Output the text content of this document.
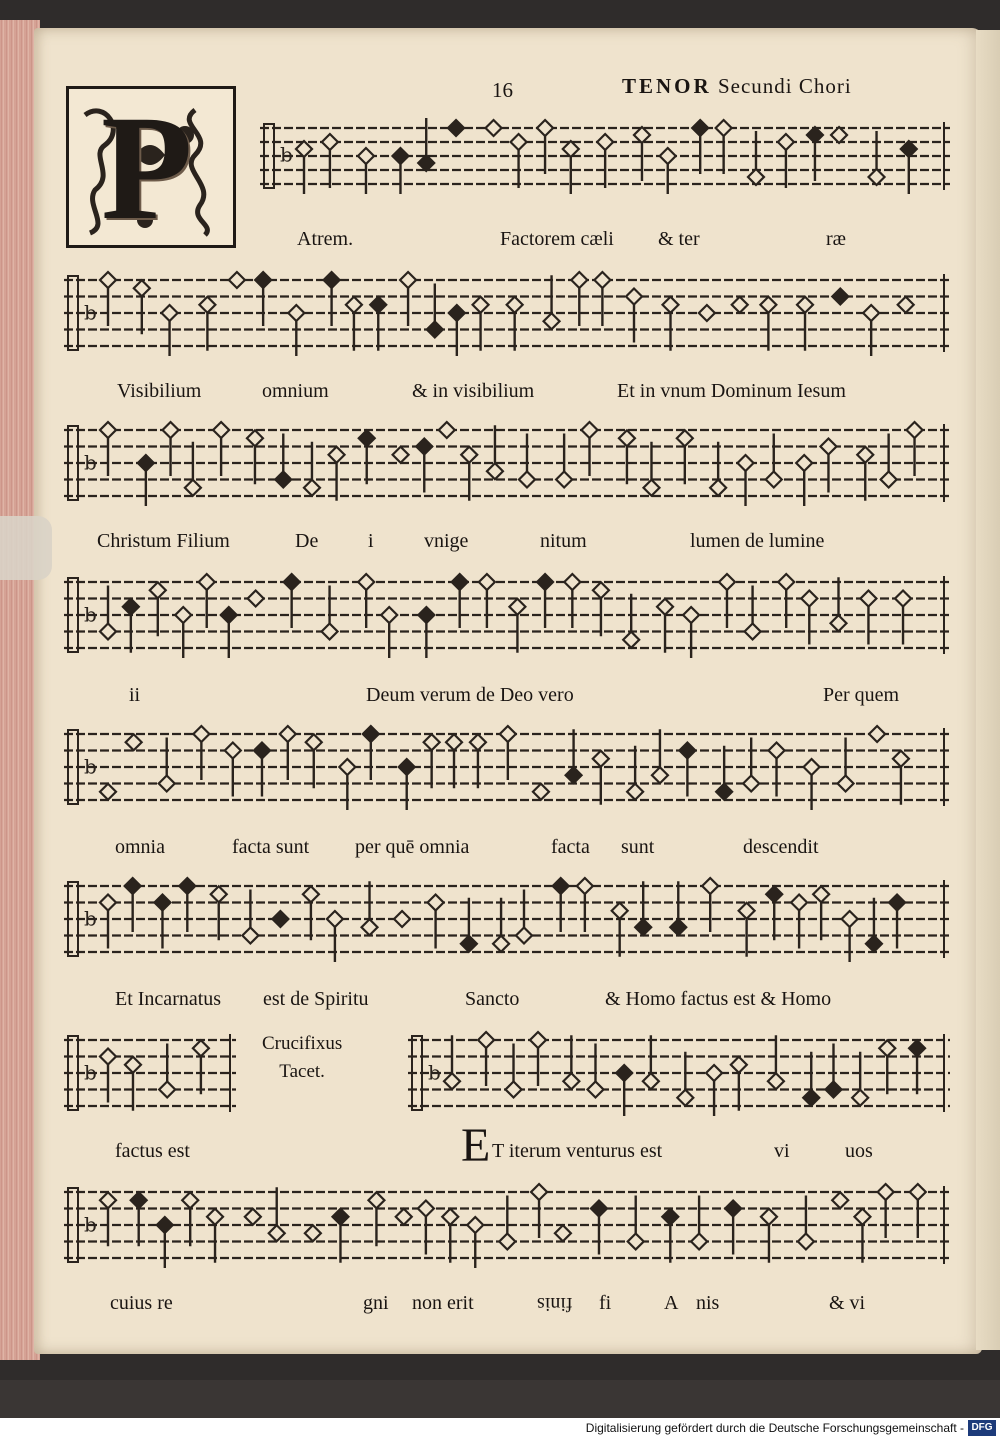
16	TENOR Secundi Chori
P	b
b
b
b
b
b
b	b
b
Atrem.	Factorem cæli & ter	ræ
Visibilium	omnium	& in visibilium	Et in vnum Dominum Iesum
Christum Filium	De i	vnige	nitum	lumen de lumine
ii	Deum verum de Deo vero	Per quem
omnia	facta sunt per quē omnia	facta sunt	descendit
Et Incarnatus est de Spiritu	Sancto	& Homo factus est & Homo
Crucifixus
Tacet.
factus est	T iterum venturus est	vi	uos
E
cuius re	gni non erit	finis fi	A nis	& vi
Digitalisierung gefördert durch die Deutsche Forschungsgemeinschaft - DFG
